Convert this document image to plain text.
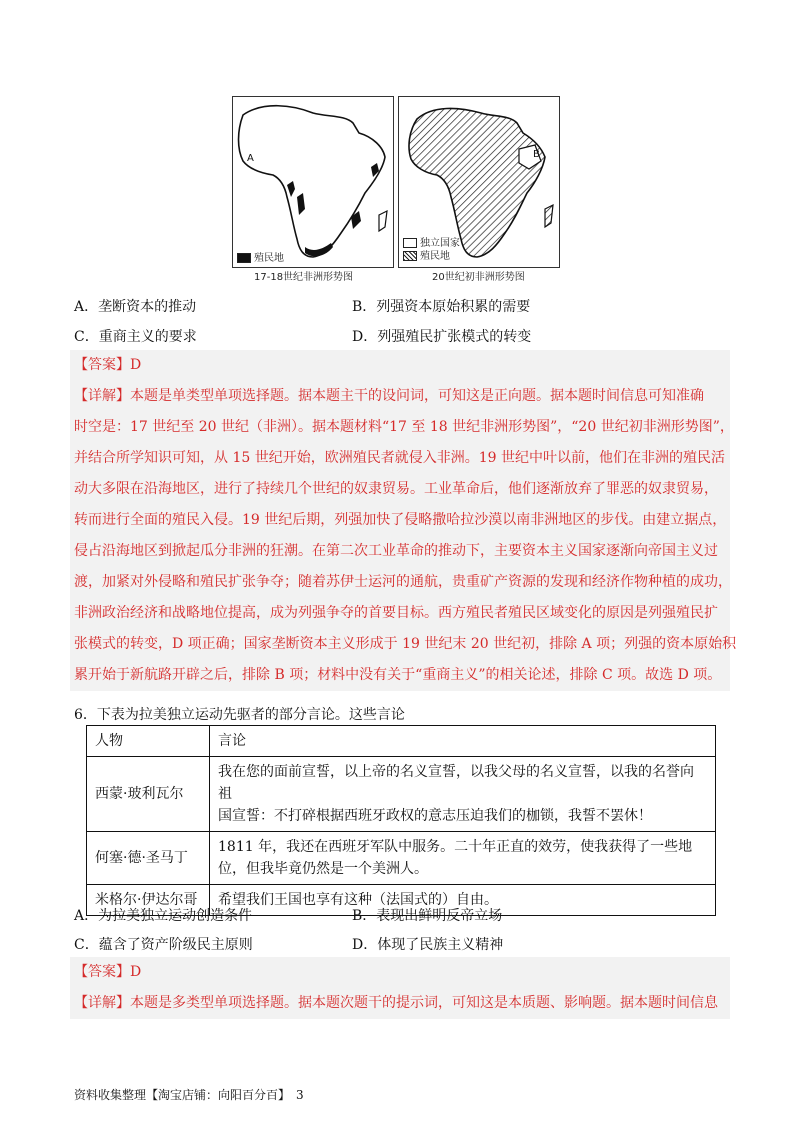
A
殖民地
B
独立国家
殖民地
17-18世纪非洲形势图	20世纪初非洲形势图
A．垄断资本的推动	B．列强资本原始积累的需要
C．重商主义的要求	D．列强殖民扩张模式的转变
【答案】D
【详解】本题是单类型单项选择题。据本题主干的设问词，可知这是正向题。据本题时间信息可知准确
时空是：17 世纪至 20 世纪（非洲）。据本题材料“17 至 18 世纪非洲形势图”，“20 世纪初非洲形势图”，
并结合所学知识可知，从 15 世纪开始，欧洲殖民者就侵入非洲。19 世纪中叶以前，他们在非洲的殖民活
动大多限在沿海地区，进行了持续几个世纪的奴隶贸易。工业革命后，他们逐渐放弃了罪恶的奴隶贸易，
转而进行全面的殖民入侵。19 世纪后期，列强加快了侵略撒哈拉沙漠以南非洲地区的步伐。由建立据点，
侵占沿海地区到掀起瓜分非洲的狂潮。在第二次工业革命的推动下，主要资本主义国家逐渐向帝国主义过
渡，加紧对外侵略和殖民扩张争夺；随着苏伊士运河的通航，贵重矿产资源的发现和经济作物种植的成功，
非洲政治经济和战略地位提高，成为列强争夺的首要目标。西方殖民者殖民区域变化的原因是列强殖民扩
张模式的转变，D 项正确；国家垄断资本主义形成于 19 世纪末 20 世纪初，排除 A 项；列强的资本原始积
累开始于新航路开辟之后，排除 B 项；材料中没有关于“重商主义”的相关论述，排除 C 项。故选 D 项。
6．下表为拉美独立运动先驱者的部分言论。这些言论
人物	言论
西蒙·玻利瓦尔	我在您的面前宣誓，以上帝的名义宣誓，以我父母的名义宣誓，以我的名誉向祖
国宣誓：不打碎根据西班牙政权的意志压迫我们的枷锁，我誓不罢休！

何塞·德·圣马丁	1811 年，我还在西班牙军队中服务。二十年正直的效劳，使我获得了一些地
位，但我毕竟仍然是一个美洲人。

米格尔·伊达尔哥	希望我们王国也享有这种（法国式的）自由。
A．为拉美独立运动创造条件	B．表现出鲜明反帝立场
C．蕴含了资产阶级民主原则	D．体现了民族主义精神
【答案】D
【详解】本题是多类型单项选择题。据本题次题干的提示词，可知这是本质题、影响题。据本题时间信息
资料收集整理【淘宝店铺：向阳百分百】　3
